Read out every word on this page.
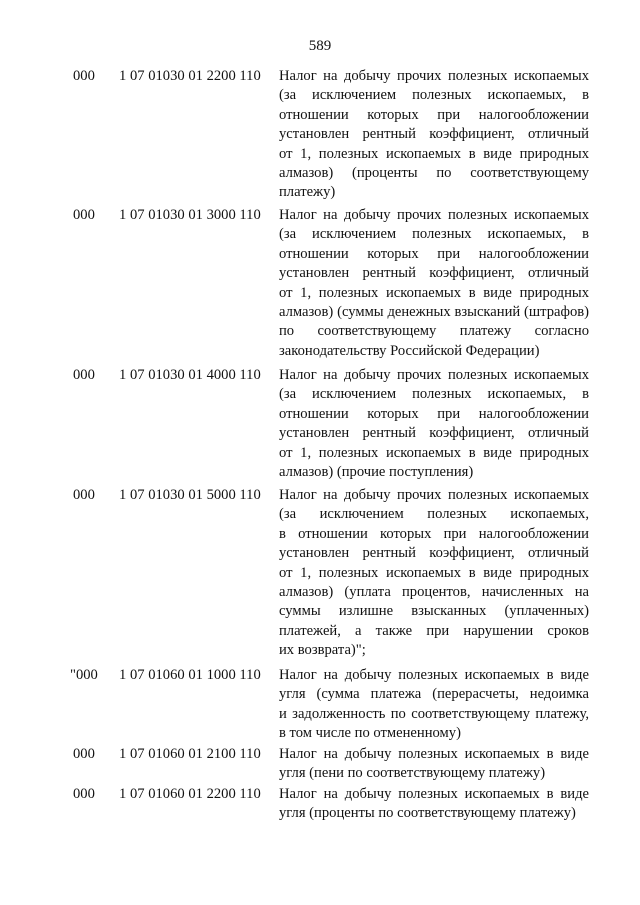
589
000	1 07 01030 01 2200 110 Налог на добычу прочих полезных ископаемых
(за исключением полезных ископаемых, в
отношении которых при налогообложении
установлен рентный коэффициент, отличный
от 1, полезных ископаемых в виде природных
алмазов) (проценты по соответствующему
платежу)
000	1 07 01030 01 3000 110 Налог на добычу прочих полезных ископаемых
(за исключением полезных ископаемых, в
отношении которых при налогообложении
установлен рентный коэффициент, отличный
от 1, полезных ископаемых в виде природных
алмазов) (суммы денежных взысканий (штрафов)
по соответствующему платежу согласно
законодательству Российской Федерации)
000	1 07 01030 01 4000 110 Налог на добычу прочих полезных ископаемых
(за исключением полезных ископаемых, в
отношении которых при налогообложении
установлен рентный коэффициент, отличный
от 1, полезных ископаемых в виде природных
алмазов) (прочие поступления)
000	1 07 01030 01 5000 110 Налог на добычу прочих полезных ископаемых
(за исключением полезных ископаемых,
в отношении которых при налогообложении
установлен рентный коэффициент, отличный
от 1, полезных ископаемых в виде природных
алмазов) (уплата процентов, начисленных на
суммы излишне взысканных (уплаченных)
платежей, а также при нарушении сроков
их возврата)";
"000	1 07 01060 01 1000 110 Налог на добычу полезных ископаемых в виде
угля (сумма платежа (перерасчеты, недоимка
и задолженность по соответствующему платежу,
в том числе по отмененному)
000	1 07 01060 01 2100 110 Налог на добычу полезных ископаемых в виде
угля (пени по соответствующему платежу)
000	1 07 01060 01 2200 110 Налог на добычу полезных ископаемых в виде
угля (проценты по соответствующему платежу)
